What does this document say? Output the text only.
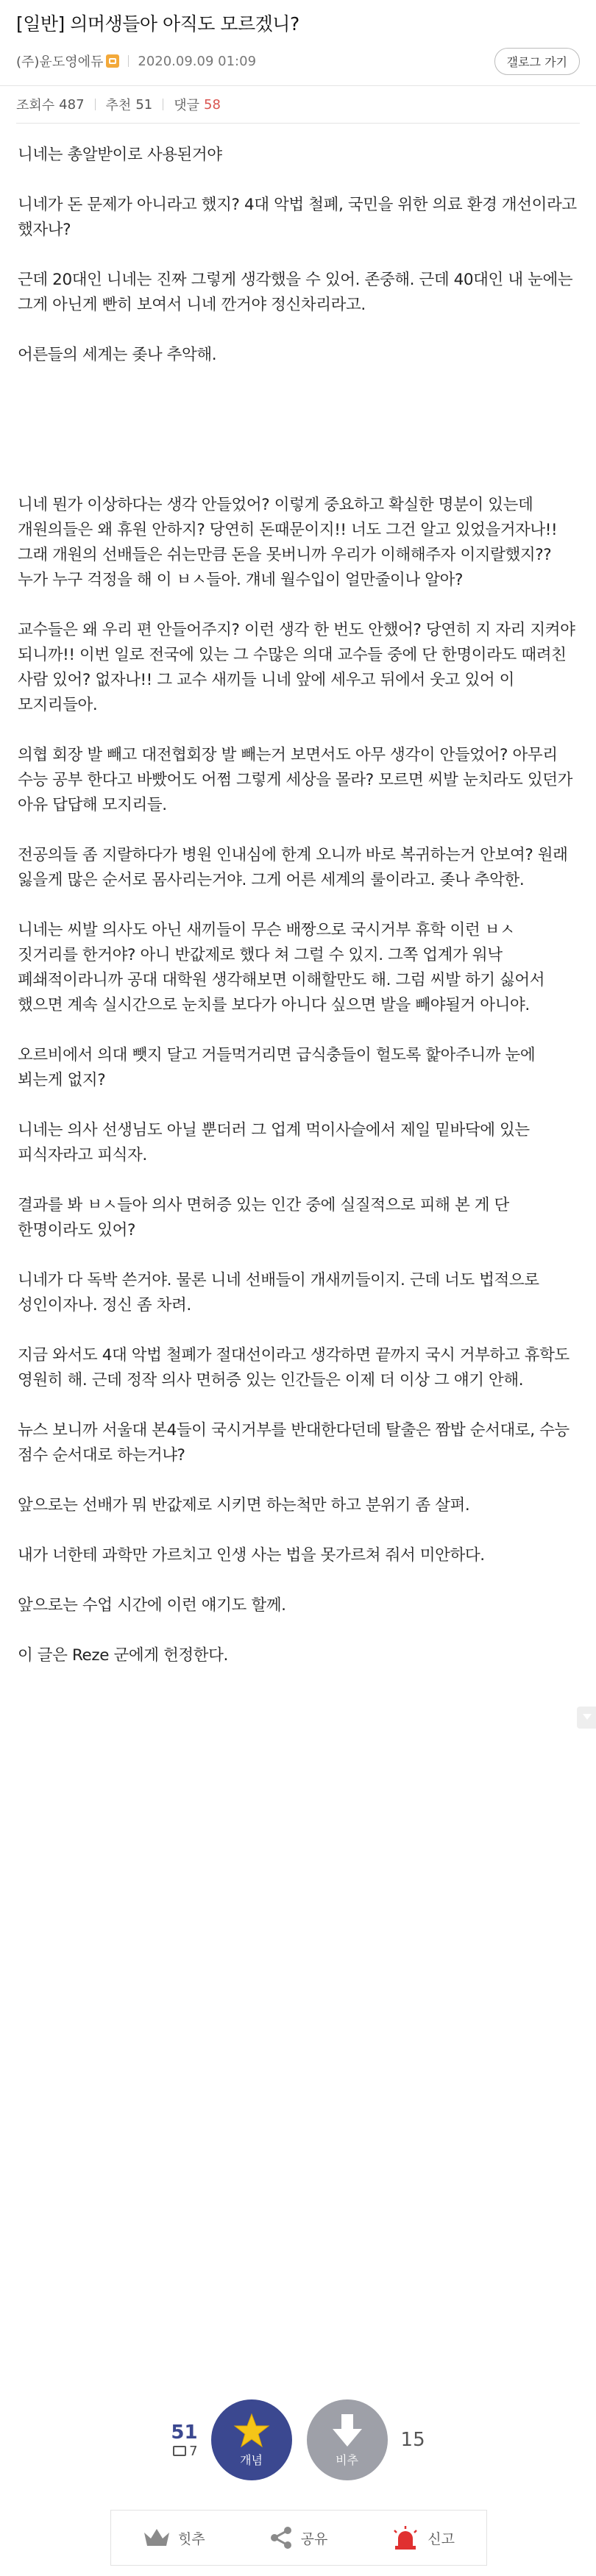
[일반] 의머생들아 아직도 모르겠니?
(주)윤도영에듀	2020.09.09 01:09	갤로그 가기
조회수 487 추천 51 댓글 58

니네는 총알받이로 사용된거야

니네가 돈 문제가 아니라고 했지? 4대 악법 철폐, 국민을 위한 의료 환경 개선이라고 했자나?

근데 20대인 니네는 진짜 그렇게 생각했을 수 있어. 존중해. 근데 40대인 내 눈에는 그게 아닌게 빤히 보여서 니네 깐거야 정신차리라고.

어른들의 세계는 좆나 추악해.

니네 뭔가 이상하다는 생각 안들었어? 이렇게 중요하고 확실한 명분이 있는데 개원의들은 왜 휴원 안하지? 당연히 돈때문이지!! 너도 그건 알고 있었을거자나!! 그래 개원의 선배들은 쉬는만큼 돈을 못버니까 우리가 이해해주자 이지랄했지?? 누가 누구 걱정을 해 이 ㅂㅅ들아. 걔네 월수입이 얼만줄이나 알아?

교수들은 왜 우리 편 안들어주지? 이런 생각 한 번도 안했어? 당연히 지 자리 지켜야 되니까!! 이번 일로 전국에 있는 그 수많은 의대 교수들 중에 단 한명이라도 때려친 사람 있어? 없자나!! 그 교수 새끼들 니네 앞에 세우고 뒤에서 웃고 있어 이 모지리들아.

의협 회장 발 빼고 대전협회장 발 빼는거 보면서도 아무 생각이 안들었어? 아무리 수능 공부 한다고 바빴어도 어쩜 그렇게 세상을 몰라? 모르면 씨발 눈치라도 있던가 아유 답답해 모지리들.

전공의들 좀 지랄하다가 병원 인내심에 한계 오니까 바로 복귀하는거 안보여? 원래 잃을게 많은 순서로 몸사리는거야. 그게 어른 세계의 룰이라고. 좆나 추악한.

니네는 씨발 의사도 아닌 새끼들이 무슨 배짱으로 국시거부 휴학 이런 ㅂㅅ 짓거리를 한거야? 아니 반값제로 했다 쳐 그럴 수 있지. 그쪽 업계가 워낙 폐쇄적이라니까 공대 대학원 생각해보면 이해할만도 해. 그럼 씨발 하기 싫어서 했으면 계속 실시간으로 눈치를 보다가 아니다 싶으면 발을 빼야될거 아니야.

오르비에서 의대 뺏지 달고 거들먹거리면 급식충들이 헐도록 핥아주니까 눈에 뵈는게 없지?

니네는 의사 선생님도 아닐 뿐더러 그 업계 먹이사슬에서 제일 밑바닥에 있는 피식자라고 피식자.

결과를 봐 ㅂㅅ들아 의사 면허증 있는 인간 중에 실질적으로 피해 본 게 단 한명이라도 있어?

니네가 다 독박 쓴거야. 물론 니네 선배들이 개새끼들이지. 근데 너도 법적으로 성인이자나. 정신 좀 차려.

지금 와서도 4대 악법 철폐가 절대선이라고 생각하면 끝까지 국시 거부하고 휴학도 영원히 해. 근데 정작 의사 면허증 있는 인간들은 이제 더 이상 그 얘기 안해.

뉴스 보니까 서울대 본4들이 국시거부를 반대한다던데 탈출은 짬밥 순서대로, 수능 점수 순서대로 하는거냐?

앞으로는 선배가 뭐 반값제로 시키면 하는척만 하고 분위기 좀 살펴.

내가 너한테 과학만 가르치고 인생 사는 법을 못가르쳐 줘서 미안하다.

앞으로는 수업 시간에 이런 얘기도 할께.

이 글은 Reze 군에게 헌정한다.

51
7
개념	비추
15
힛추	공유	신고
